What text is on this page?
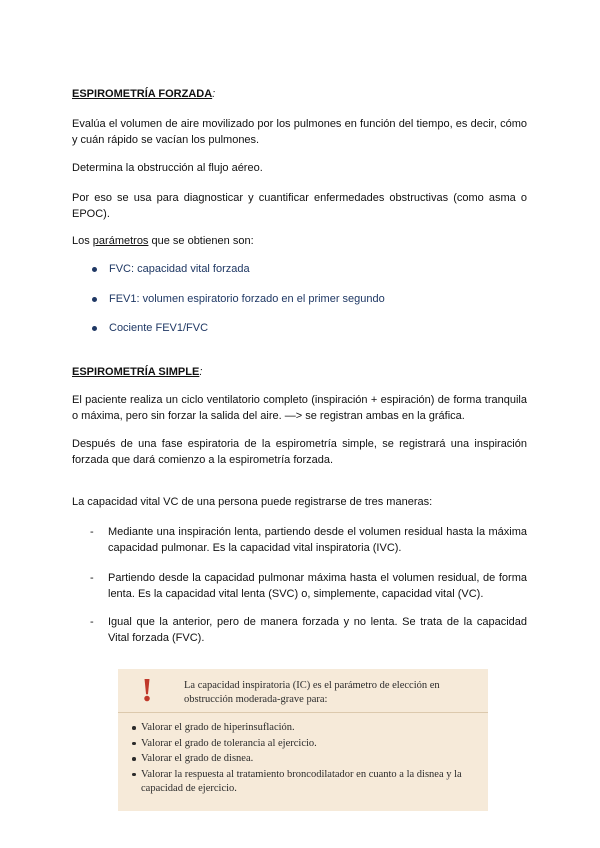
ESPIROMETRÍA FORZADA:

Evalúa el volumen de aire movilizado por los pulmones en función del tiempo, es decir, cómo y cuán rápido se vacían los pulmones.

Determina la obstrucción al flujo aéreo.

Por eso se usa para diagnosticar y cuantificar enfermedades obstructivas (como asma o EPOC).

Los parámetros que se obtienen son:

FVC: capacidad vital forzada
FEV1: volumen espiratorio forzado en el primer segundo
Cociente FEV1/FVC

ESPIROMETRÍA SIMPLE:

El paciente realiza un ciclo ventilatorio completo (inspiración + espiración) de forma tranquila o máxima, pero sin forzar la salida del aire. —> se registran ambas en la gráfica.

Después de una fase espiratoria de la espirometría simple, se registrará una inspiración forzada que dará comienzo a la espirometría forzada.

La capacidad vital VC de una persona puede registrarse de tres maneras:

- Mediante una inspiración lenta, partiendo desde el volumen residual hasta la máxima capacidad pulmonar. Es la capacidad vital inspiratoria (IVC).
- Partiendo desde la capacidad pulmonar máxima hasta el volumen residual, de forma lenta. Es la capacidad vital lenta (SVC) o, simplemente, capacidad vital (VC).
- Igual que la anterior, pero de manera forzada y no lenta. Se trata de la capacidad Vital forzada (FVC).
!	La capacidad inspiratoria (IC) es el parámetro de elección en obstrucción moderada-grave para:
Valorar el grado de hiperinsuflación.
Valorar el grado de tolerancia al ejercicio.
Valorar el grado de disnea.
Valorar la respuesta al tratamiento broncodilatador en cuanto a la disnea y la capacidad de ejercicio.
